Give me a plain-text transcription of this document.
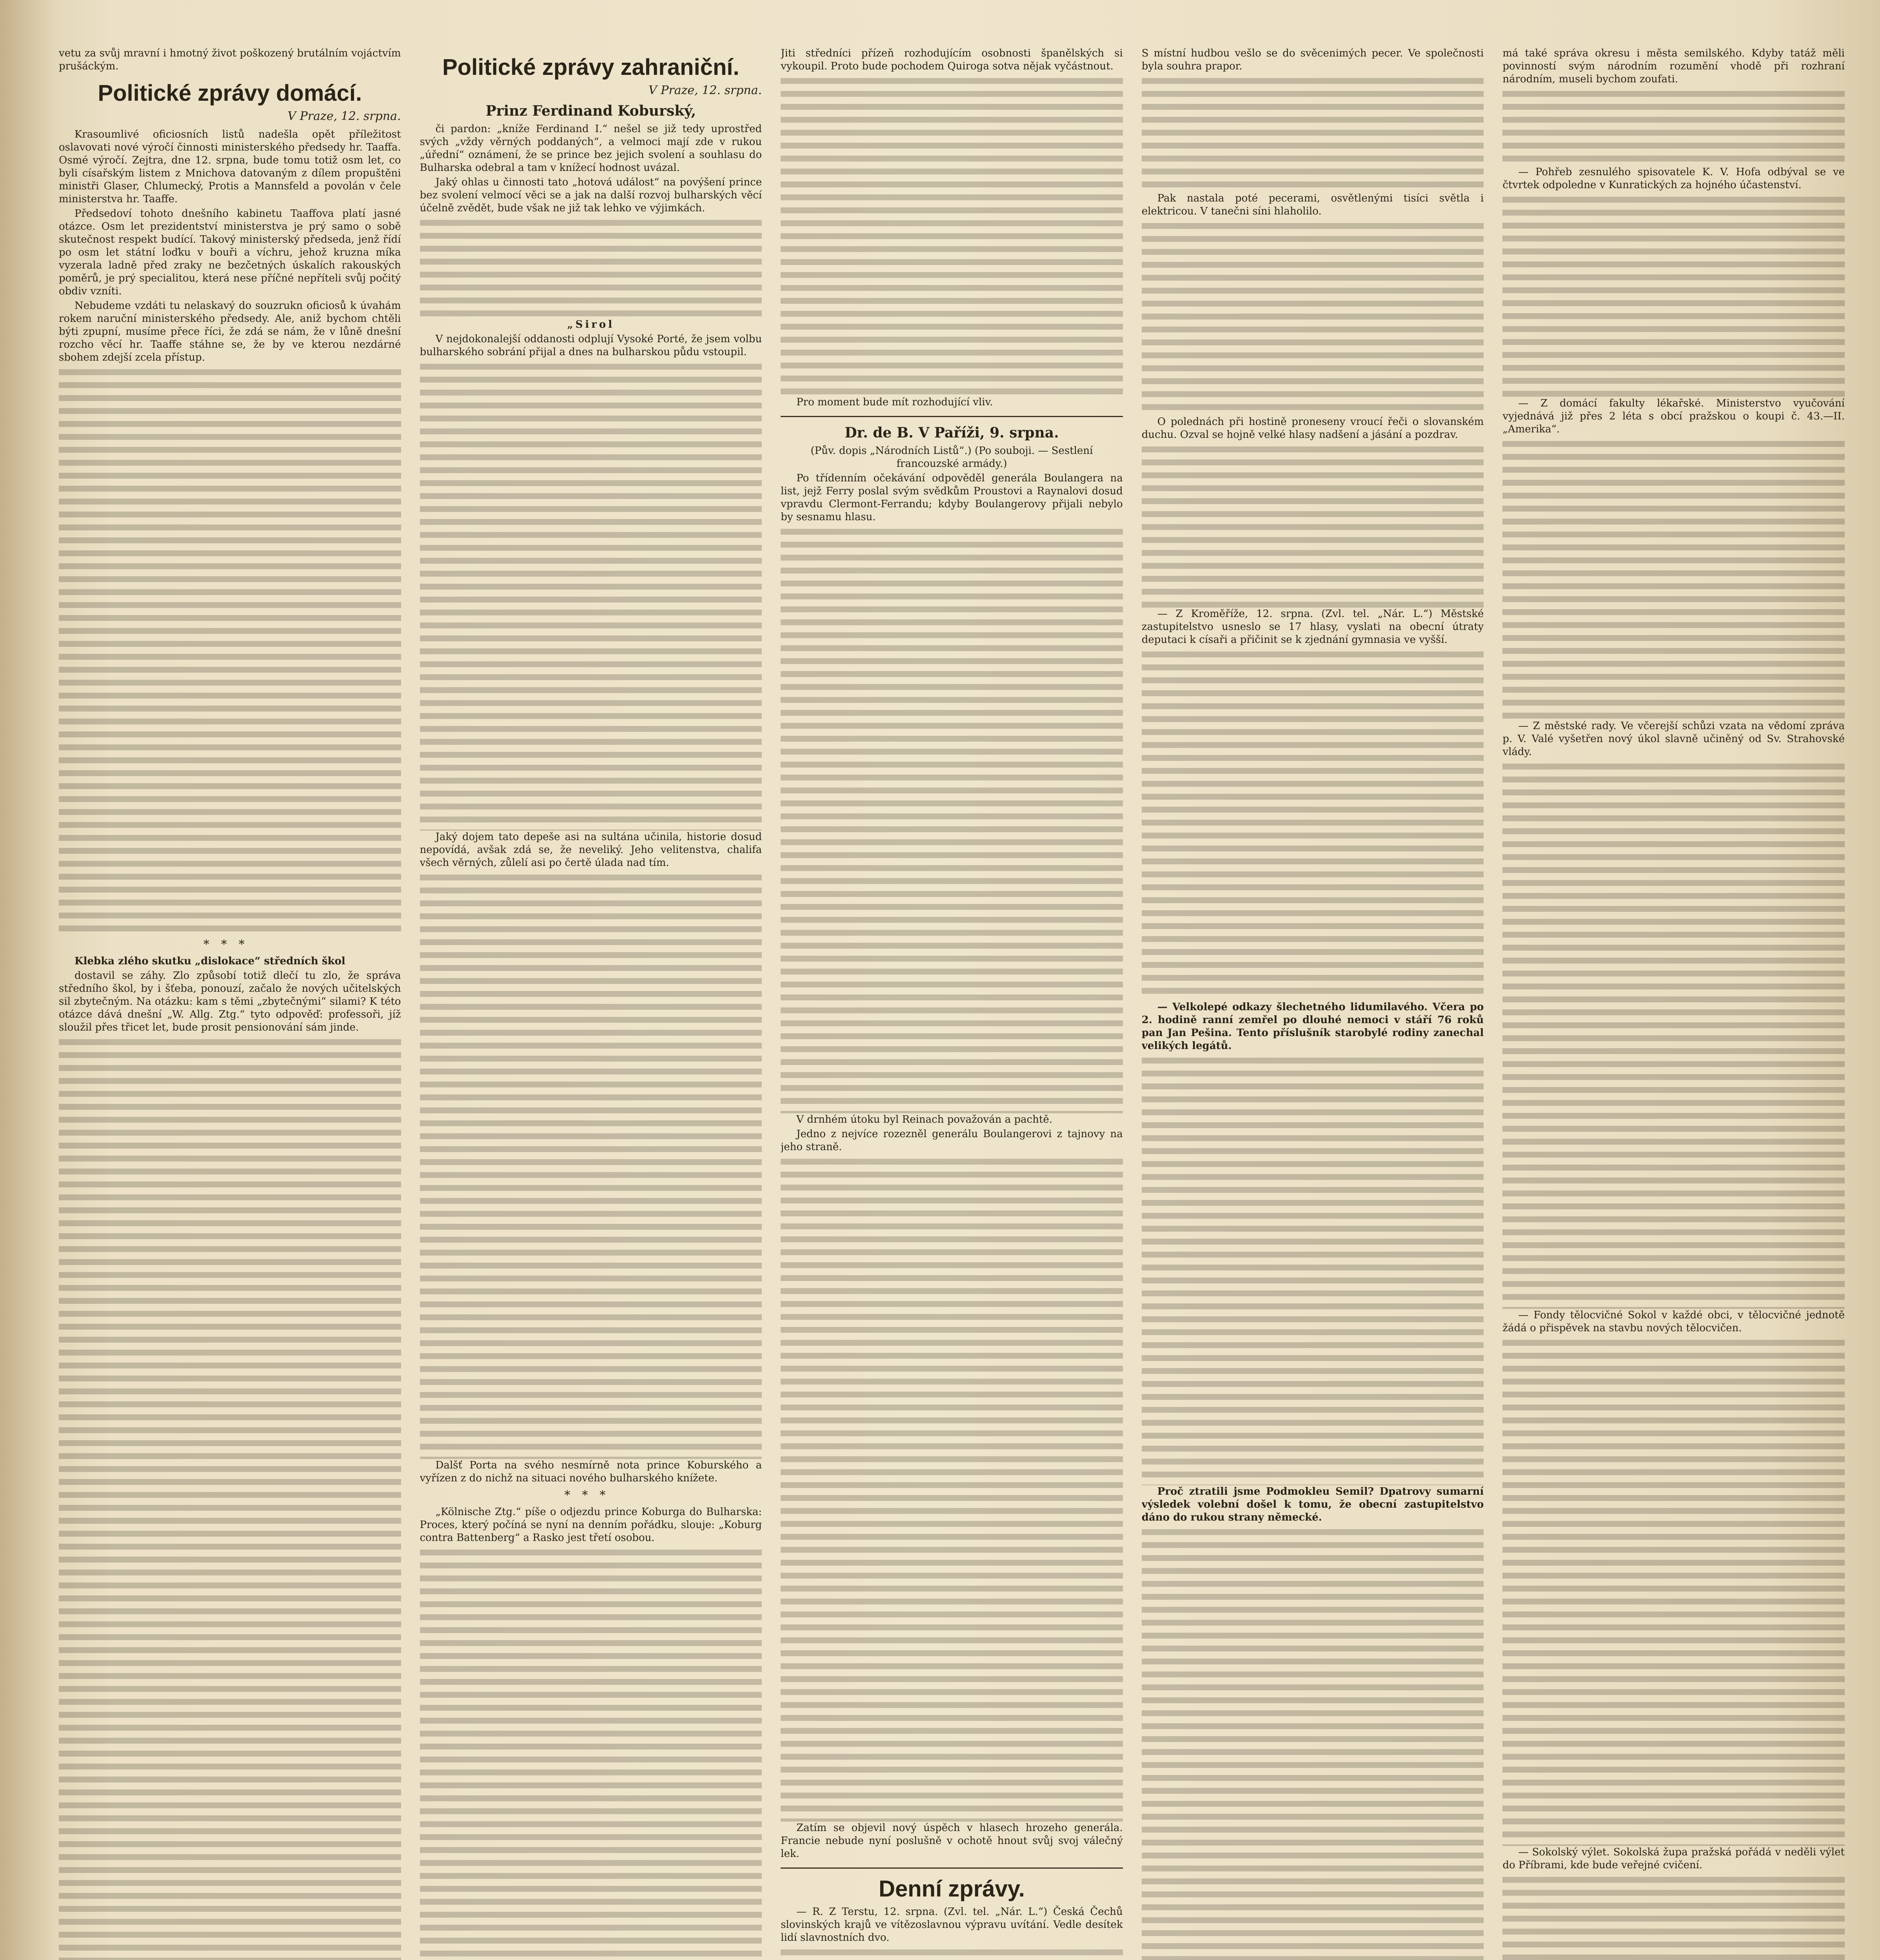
vetu za svůj mravní i hmotný život poškozený brutálním vojáctvím prušáckým.

Politické zprávy domácí.
V Praze, 12. srpna.

Krasoumlivé oficiosních listů nadešla opět příležitost oslavovati nové výročí činnosti ministerského předsedy hr. Taaffa. Osmé výročí. Zejtra, dne 12. srpna, bude tomu totiž osm let, co byli císařským listem z Mnichova datovaným z dílem propuštěni ministři Glaser, Chlumecký, Protis a Mannsfeld a povolán v čele ministerstva hr. Taaffe.

Předsedoví tohoto dnešního kabinetu Taaffova platí jasné otázce. Osm let prezidentství ministerstva je prý samo o sobě skutečnost respekt budící. Takový ministerský předseda, jenž řídí po osm let státní loďku v bouři a víchru, jehož kruzna míka vyzerala ladně před zraky ne bezčetných úskalích rakouských poměrů, je prý specialitou, která nese příčné nepříteli svůj počitý obdiv vzníti.

Nebudeme vzdáti tu nelaskavý do souzrukn oficiosů k úvahám rokem naruční ministerského předsedy. Ale, aniž bychom chtěli býti zpupní, musíme přece říci, že zdá se nám, že v lůně dnešní rozcho věcí hr. Taaffe stáhne se, že by ve kterou nezdárné sbohem zdejší zcela přístup.

***

Klebka zlého skutku „dislokace“ středních škol

dostavil se záhy. Zlo způsobí totiž dlečí tu zlo, že správa středního škol, by i šťeba, ponouzí, začalo že nových učitelských sil zbytečným. Na otázku: kam s těmi „zbytečnými“ silami? K této otázce dává dnešní „W. Allg. Ztg.“ tyto odpověď: professoři, jíž sloužil přes třicet let, bude prosit pensionování sám jinde.

Politické zprávy zahraniční.
V Praze, 12. srpna.
Prinz Ferdinand Koburský,

či pardon: „kníže Ferdinand I.“ nešel se již tedy uprostřed svých „vždy věrných poddaných“, a velmoci mají zde v rukou „úřední“ oznámení, že se prince bez jejich svolení a souhlasu do Bulharska odebral a tam v knížecí hodnost uvázal.

Jaký ohlas u činnosti tato „hotová událost“ na povýšení prince bez svolení velmocí věci se a jak na další rozvoj bulharských věcí účelně zvědět, bude však ne již tak lehko ve výjimkách.

„Sirol

V nejdokonalejší oddanosti odplují Vysoké Porté, že jsem volbu bulharského sobrání přijal a dnes na bulharskou půdu vstoupil.

Jaký dojem tato depeše asi na sultána učinila, historie dosud nepovídá, avšak zdá se, že neveliký. Jeho velitenstva, chalifa všech věrných, zůlelí asi po čertě úlada nad tím.

Dalšť Porta na svého nesmírně nota prince Koburského a vyřízen z do nichž na situaci nového bulharského knížete.

***

„Kölnische Ztg.“ píše o odjezdu prince Koburga do Bulharska: Proces, který počíná se nyní na denním pořádku, slouje: „Koburg contra Battenberg“ a Rasko jest třetí osobou.

Jiti středníci přízeň rozhodujícím osobnosti španělských si vykoupil. Proto bude pochodem Quiroga sotva nějak vyčástnout.

Pro moment bude mít rozhodující vliv.

Dr. de B. V Paříži, 9. srpna.

(Pův. dopis „Národních Listů“.) (Po souboji. — Sestlení francouzské armády.)

Po třídenním očekávání odpověděl generála Boulangera na list, jejž Ferry poslal svým svědkům Proustovi a Raynalovi dosud vpravdu Clermont-Ferrandu; kdyby Boulangerovy přijali nebylo by sesnamu hlasu.

V drnhém útoku byl Reinach považován a pachtě.

Jedno z nejvíce rozezněl generálu Boulangerovi z tajnovy na jeho straně.

Zatím se objevil nový úspěch v hlasech hrozeho generála. Francie nebude nyní poslušně v ochotě hnout svůj svoj válečný lek.

Denní zprávy.

— R. Z Terstu, 12. srpna. (Zvl. tel. „Nár. L.“) Česká Čechů slovinských krajů ve vítězoslavnou výpravu uvítání. Vedle desítek lidí slavnostních dvo.

S místní hudbou vešlo se do svěcenimých pecer. Ve společnosti byla souhra prapor.

Pak nastala poté pecerami, osvětlenými tisíci světla i elektricou. V tanečni síni hlaholilo.

O polednách při hostině proneseny vroucí řeči o slovanském duchu. Ozval se hojně velké hlasy nadšení a jásání a pozdrav.

— Z Kroměříže, 12. srpna. (Zvl. tel. „Nár. L.“) Městské zastupitelstvo usneslo se 17 hlasy, vyslati na obecní útraty deputaci k císaři a přičinit se k zjednání gymnasia ve vyšší.

— Velkolepé odkazy šlechetného lidumilavého. Včera po 2. hodině ranní zemřel po dlouhé nemoci v stáří 76 roků pan Jan Pešina. Tento příslušník starobylé rodiny zanechal velikých legátů.

Proč ztratili jsme Podmokleu Semil? Dpatrovy sumarní výsledek volební došel k tomu, že obecní zastupitelstvo dáno do rukou strany německé.

má také správa okresu i města semilského. Kdyby tatáž měli povinností svým národním rozumění vhodě při rozhraní národním, museli bychom zoufati.

— Pohřeb zesnulého spisovatele K. V. Hofa odbýval se ve čtvrtek odpoledne v Kunratických za hojného účastenství.

— Z domácí fakulty lékařské. Ministerstvo vyučování vyjednává již přes 2 léta s obcí pražskou o koupi č. 43.—II. „Amerika“.

— Z městské rady. Ve včerejší schůzi vzata na vědomí zpráva p. V. Valé vyšetřen nový úkol slavně učiněný od Sv. Strahovské vlády.

— Fondy tělocvičné Sokol v každé obci, v tělocvičné jednotě žádá o přispěvek na stavbu nových tělocvičen.

— Sokolský výlet. Sokolská župa pražská pořádá v neděli výlet do Příbrami, kde bude veřejné cvičení.
